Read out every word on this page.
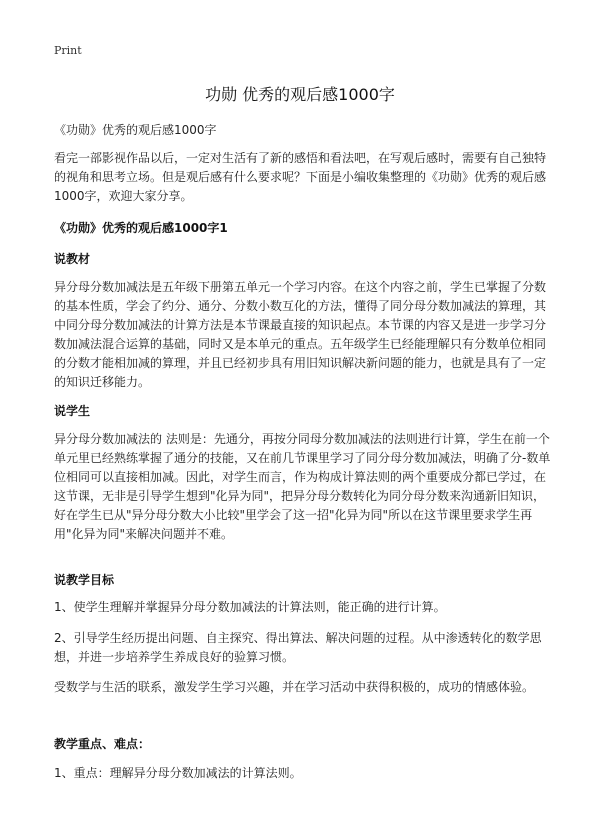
Print
功勋 优秀的观后感1000字
《功勋》优秀的观后感1000字
看完一部影视作品以后，一定对生活有了新的感悟和看法吧，在写观后感时，需要有自己独特的视角和思考立场。但是观后感有什么要求呢？下面是小编收集整理的《功勋》优秀的观后感1000字，欢迎大家分享。
《功勋》优秀的观后感1000字1
说教材
异分母分数加减法是五年级下册第五单元一个学习内容。在这个内容之前，学生已掌握了分数的基本性质，学会了约分、通分、分数小数互化的方法，懂得了同分母分数加减法的算理，其中同分母分数加减法的计算方法是本节课最直接的知识起点。本节课的内容又是进一步学习分数加减法混合运算的基础，同时又是本单元的重点。五年级学生已经能理解只有分数单位相同的分数才能相加减的算理，并且已经初步具有用旧知识解决新问题的能力，也就是具有了一定的知识迁移能力。
说学生
异分母分数加减法的 法则是：先通分，再按分同母分数加减法的法则进行计算，学生在前一个单元里已经熟练掌握了通分的技能，又在前几节课里学习了同分母分数加减法，明确了分-数单位相同可以直接相加减。因此，对学生而言，作为构成计算法则的两个重要成分都已学过，在这节课，无非是引导学生想到"化异为同"，把异分母分数转化为同分母分数来沟通新旧知识，好在学生已从"异分母分数大小比较"里学会了这一招"化异为同"所以在这节课里要求学生再用"化异为同"来解决问题并不难。
说教学目标
1、使学生理解并掌握异分母分数加减法的计算法则，能正确的进行计算。
2、引导学生经历提出问题、自主探究、得出算法、解决问题的过程。从中渗透转化的数学思想，并进一步培养学生养成良好的验算习惯。
受数学与生活的联系，激发学生学习兴趣，并在学习活动中获得积极的，成功的情感体验。
教学重点、难点：
1、重点：理解异分母分数加减法的计算法则。
